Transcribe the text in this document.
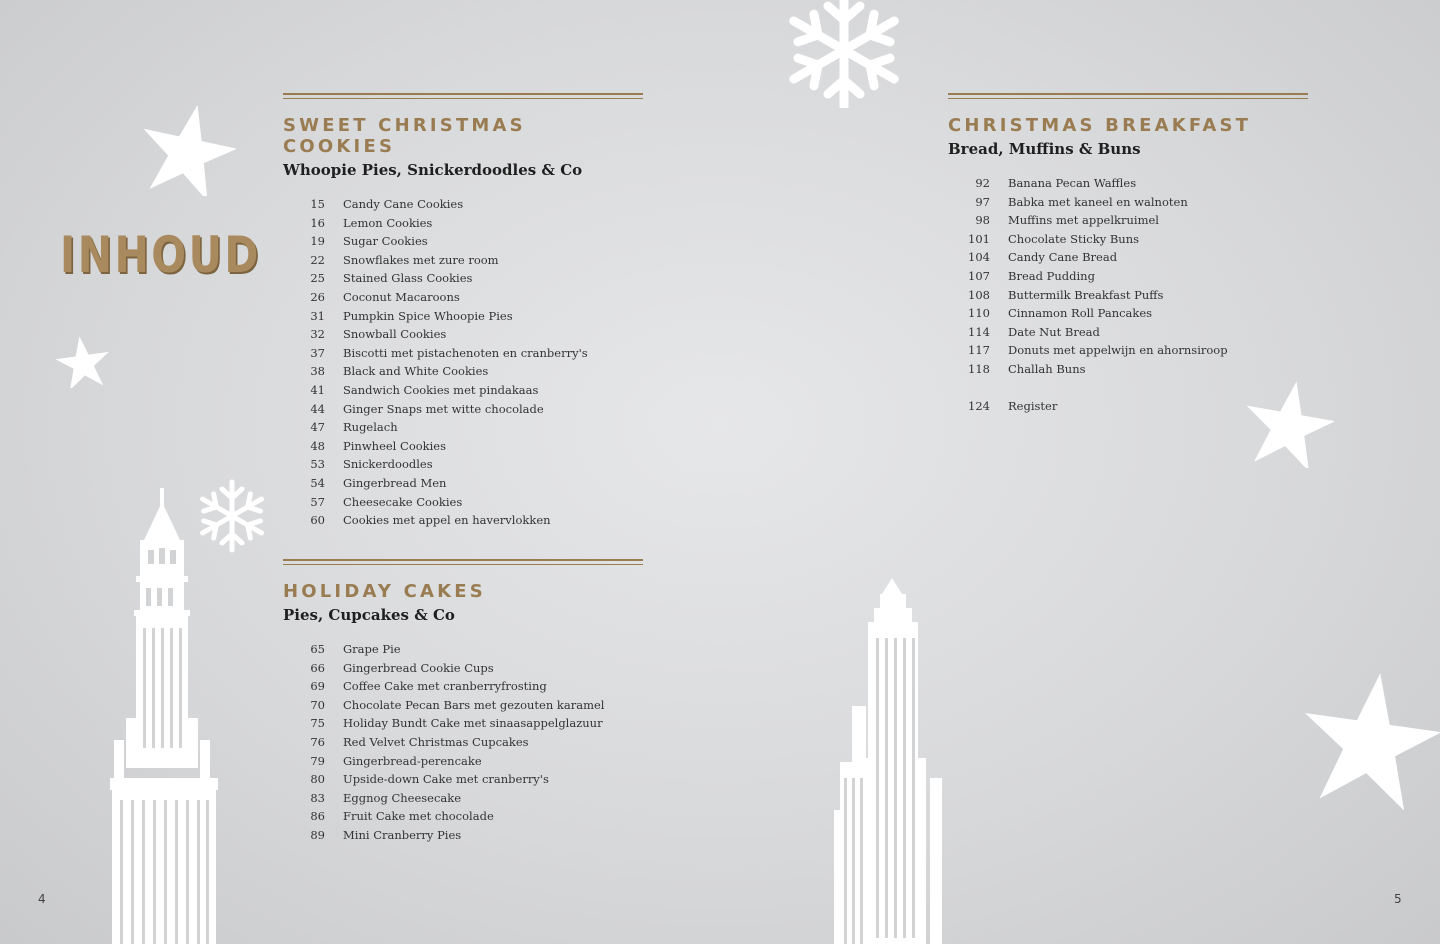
INHOUD
SWEET CHRISTMAS COOKIES
Whoopie Pies, Snickerdoodles & Co
15	Candy Cane Cookies
16	Lemon Cookies
19	Sugar Cookies
22	Snowflakes met zure room
25	Stained Glass Cookies
26	Coconut Macaroons
31	Pumpkin Spice Whoopie Pies
32	Snowball Cookies
37	Biscotti met pistachenoten en cranberry's
38	Black and White Cookies
41	Sandwich Cookies met pindakaas
44	Ginger Snaps met witte chocolade
47	Rugelach
48	Pinwheel Cookies
53	Snickerdoodles
54	Gingerbread Men
57	Cheesecake Cookies
60	Cookies met appel en havervlokken
HOLIDAY CAKES
Pies, Cupcakes & Co
65	Grape Pie
66	Gingerbread Cookie Cups
69	Coffee Cake met cranberryfrosting
70	Chocolate Pecan Bars met gezouten karamel
75	Holiday Bundt Cake met sinaasappelglazuur
76	Red Velvet Christmas Cupcakes
79	Gingerbread-perencake
80	Upside-down Cake met cranberry's
83	Eggnog Cheesecake
86	Fruit Cake met chocolade
89	Mini Cranberry Pies
CHRISTMAS BREAKFAST
Bread, Muffins & Buns
92	Banana Pecan Waffles
97	Babka met kaneel en walnoten
98	Muffins met appelkruimel
101	Chocolate Sticky Buns
104	Candy Cane Bread
107	Bread Pudding
108	Buttermilk Breakfast Puffs
110	Cinnamon Roll Pancakes
114	Date Nut Bread
117	Donuts met appelwijn en ahornsiroop
118	Challah Buns
124	Register
4	5
